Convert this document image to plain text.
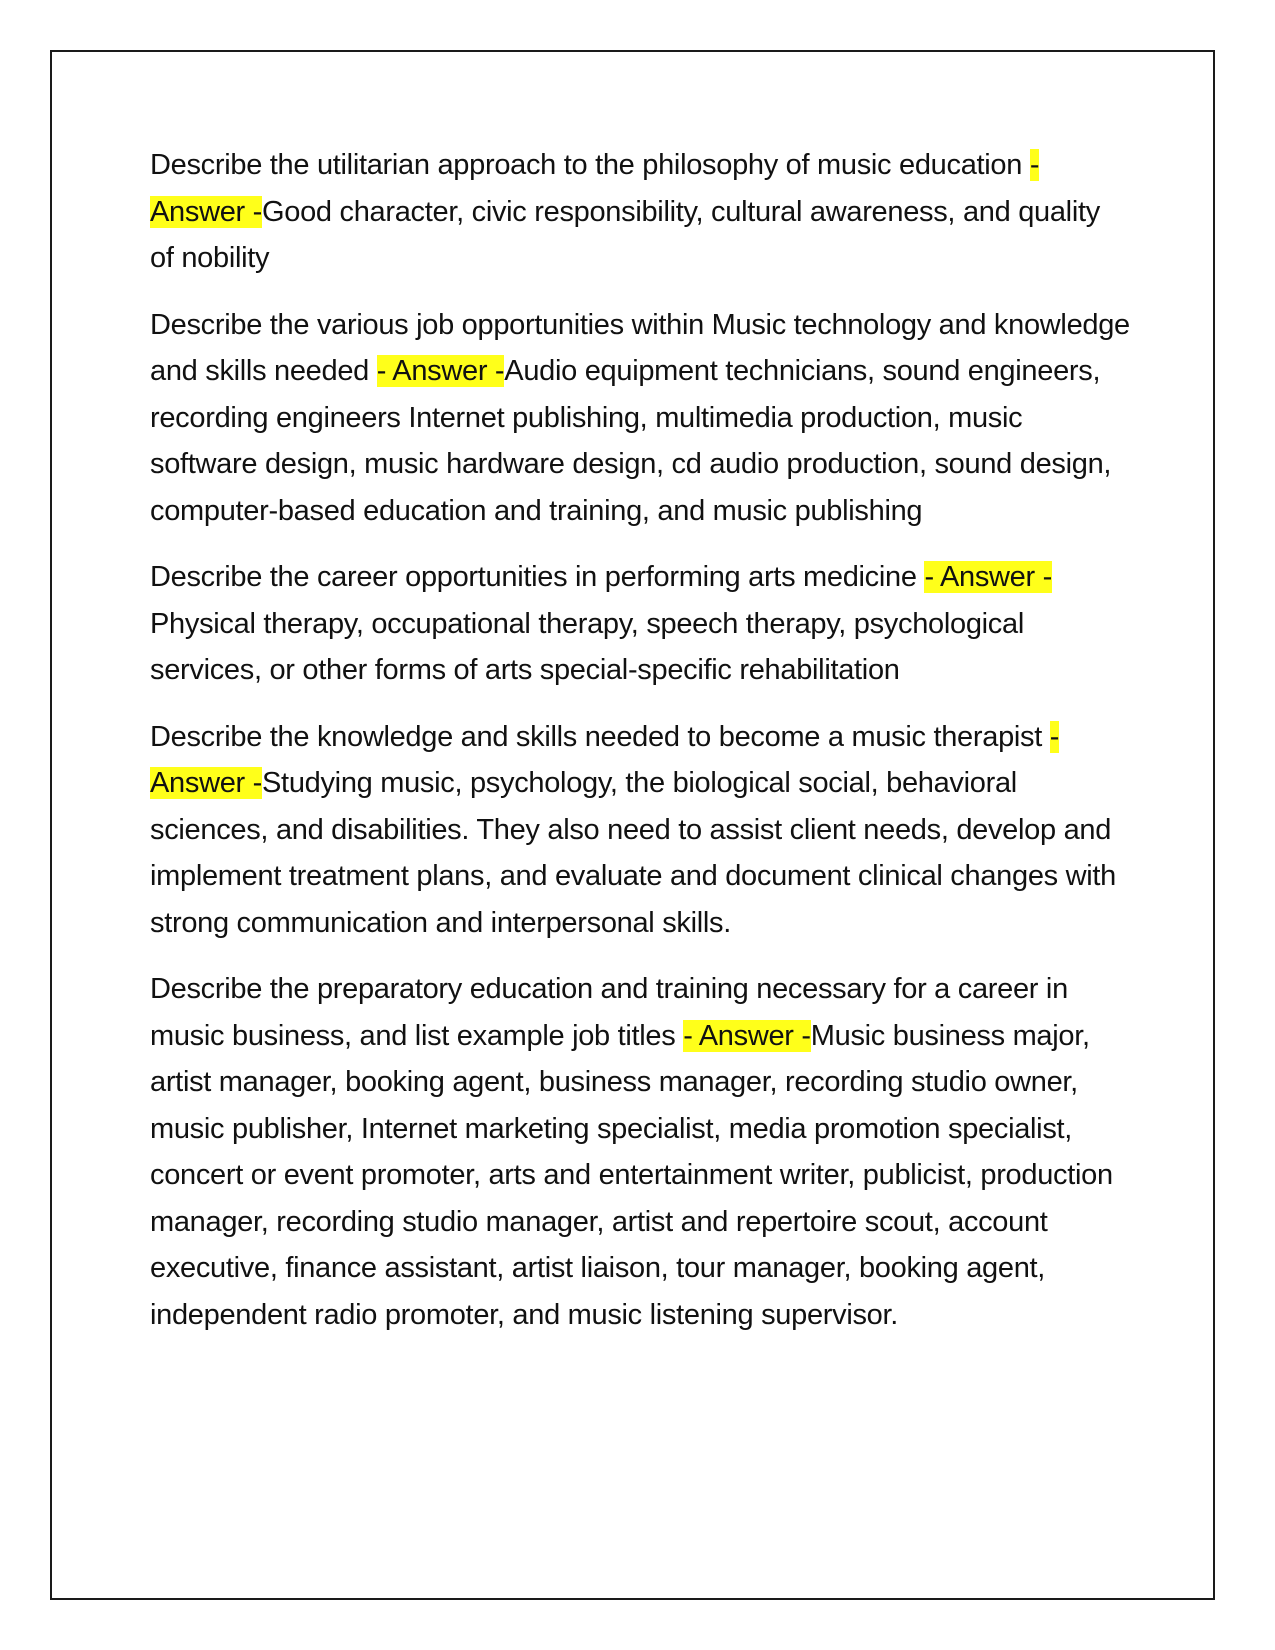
Describe the utilitarian approach to the philosophy of music education - Answer -Good character, civic responsibility, cultural awareness, and quality of nobility

Describe the various job opportunities within Music technology and knowledge and skills needed - Answer -Audio equipment technicians, sound engineers, recording engineers Internet publishing, multimedia production, music software design, music hardware design, cd audio production, sound design, computer-based education and training, and music publishing

Describe the career opportunities in performing arts medicine - Answer -Physical therapy, occupational therapy, speech therapy, psychological services, or other forms of arts special-specific rehabilitation

Describe the knowledge and skills needed to become a music therapist - Answer -Studying music, psychology, the biological social, behavioral sciences, and disabilities. They also need to assist client needs, develop and implement treatment plans, and evaluate and document clinical changes with strong communication and interpersonal skills.

Describe the preparatory education and training necessary for a career in music business, and list example job titles - Answer -Music business major, artist manager, booking agent, business manager, recording studio owner, music publisher, Internet marketing specialist, media promotion specialist, concert or event promoter, arts and entertainment writer, publicist, production manager, recording studio manager, artist and repertoire scout, account executive, finance assistant, artist liaison, tour manager, booking agent, independent radio promoter, and music listening supervisor.
